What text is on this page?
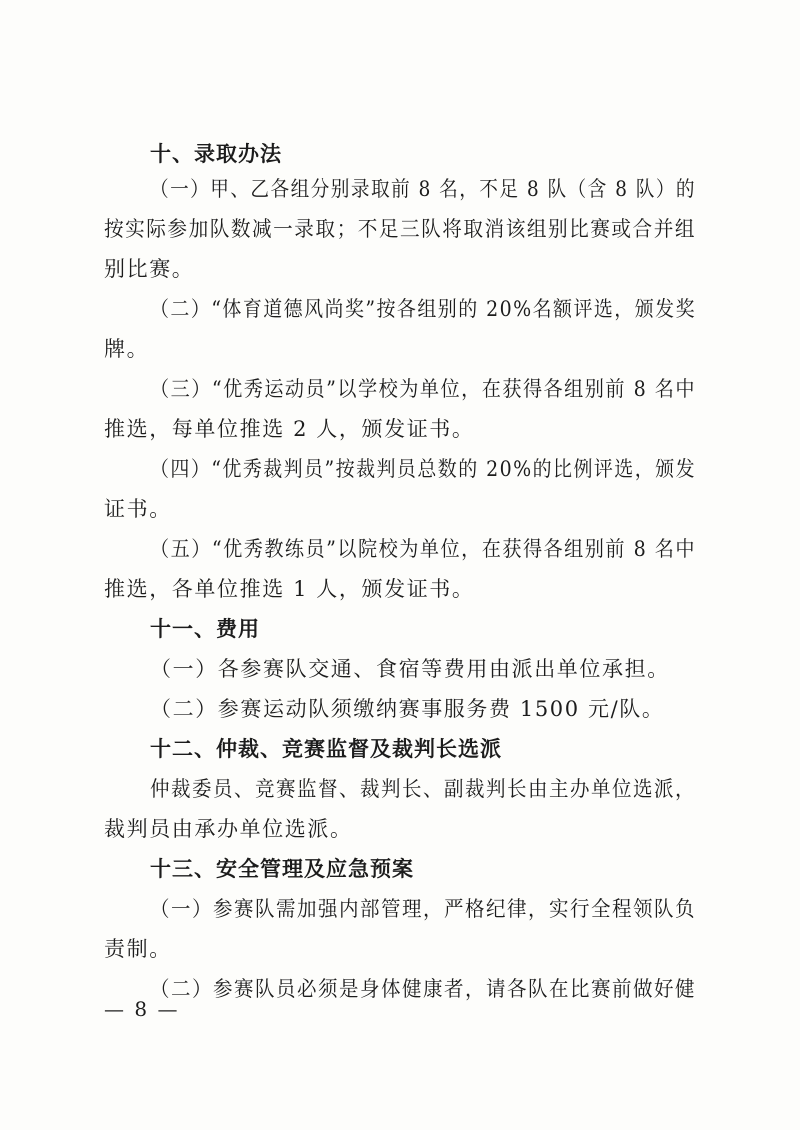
十、录取办法
（一）甲、乙各组分别录取前 8 名，不足 8 队（含 8 队）的
按实际参加队数减一录取；不足三队将取消该组别比赛或合并组
别比赛。
（二）“体育道德风尚奖”按各组别的 20%名额评选，颁发奖
牌。
（三）“优秀运动员”以学校为单位，在获得各组别前 8 名中
推选，每单位推选 2 人，颁发证书。
（四）“优秀裁判员”按裁判员总数的 20%的比例评选，颁发
证书。
（五）“优秀教练员”以院校为单位，在获得各组别前 8 名中
推选，各单位推选 1 人，颁发证书。
十一、费用
（一）各参赛队交通、食宿等费用由派出单位承担。
（二）参赛运动队须缴纳赛事服务费 1500 元/队。
十二、仲裁、竞赛监督及裁判长选派
仲裁委员、竞赛监督、裁判长、副裁判长由主办单位选派，
裁判员由承办单位选派。
十三、安全管理及应急预案
（一）参赛队需加强内部管理，严格纪律，实行全程领队负
责制。
（二）参赛队员必须是身体健康者，请各队在比赛前做好健
— 8 —
